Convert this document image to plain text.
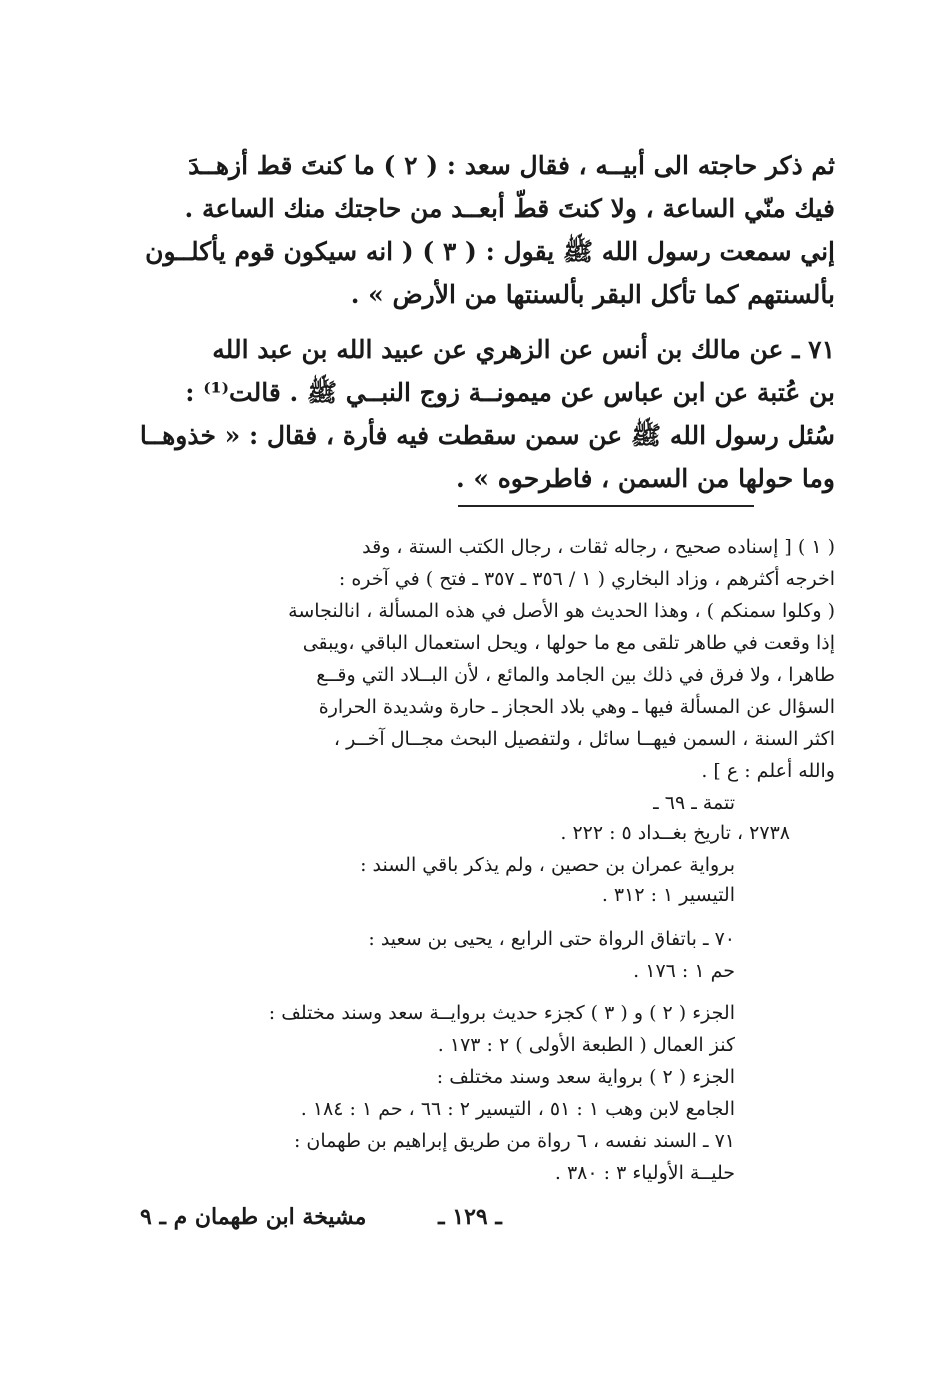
ثم ذكر حاجته الى أبيــه ، فقال سعد : ( ٢ ) ما كنتَ قط أزهــدَ
فيك منّي الساعة ، ولا كنتَ قطّ أبعــد من حاجتك منك الساعة .
إني سمعت رسول الله ﷺ يقول : ( ٣ ) ( انه سيكون قوم يأكلــون
بألسنتهم كما تأكل البقر بألسنتها من الأرض » .
٧١ ـ عن مالك بن أنس عن الزهري عن عبيد الله بن عبد الله
بن عُتبة عن ابن عباس عن ميمونــة زوج النبــي ﷺ . قالت⁽¹⁾ :
سُئل رسول الله ﷺ عن سمن سقطت فيه فأرة ، فقال : « خذوهــا
وما حولها من السمن ، فاطرحوه » .
( ١ ) [ إسناده صحيح ، رجاله ثقات ، رجال الكتب الستة ، وقد
اخرجه أكثرهم ، وزاد البخاري ( ١ / ٣٥٦ ـ ٣٥٧ ـ فتح ) في آخره :
( وكلوا سمنكم ) ، وهذا الحديث هو الأصل في هذه المسألة ، انالنجاسة
إذا وقعت في طاهر تلقى مع ما حولها ، ويحل استعمال الباقي ،ويبقى
طاهرا ، ولا فرق في ذلك بين الجامد والمائع ، لأن البــلاد التي وقــع
السؤال عن المسألة فيها ـ وهي بلاد الحجاز ـ حارة وشديدة الحرارة
اكثر السنة ، السمن فيهــا سائل ، ولتفصيل البحث مجــال آخــر ،
والله أعلم : ع ] .
تتمة ـ ٦٩ ـ
٢٧٣٨ ، تاريخ بغــداد ٥ : ٢٢٢ .
برواية عمران بن حصين ، ولم يذكر باقي السند :
التيسير ١ : ٣١٢ .
٧٠ ـ باتفاق الرواة حتى الرابع ، يحيى بن سعيد :
حم ١ : ١٧٦ .
الجزء ( ٢ ) و ( ٣ ) كجزء حديث بروايــة سعد وسند مختلف :
كنز العمال ( الطبعة الأولى ) ٢ : ١٧٣ .
الجزء ( ٢ ) برواية سعد وسند مختلف :
الجامع لابن وهب ١ : ٥١ ، التيسير ٢ : ٦٦ ، حم ١ : ١٨٤ .
٧١ ـ السند نفسه ، ٦ رواة من طريق إبراهيم بن طهمان :
حليــة الأولياء ٣ : ٣٨٠ .
ـ ١٢٩ ـ
مشيخة ابن طهمان م ـ ٩
